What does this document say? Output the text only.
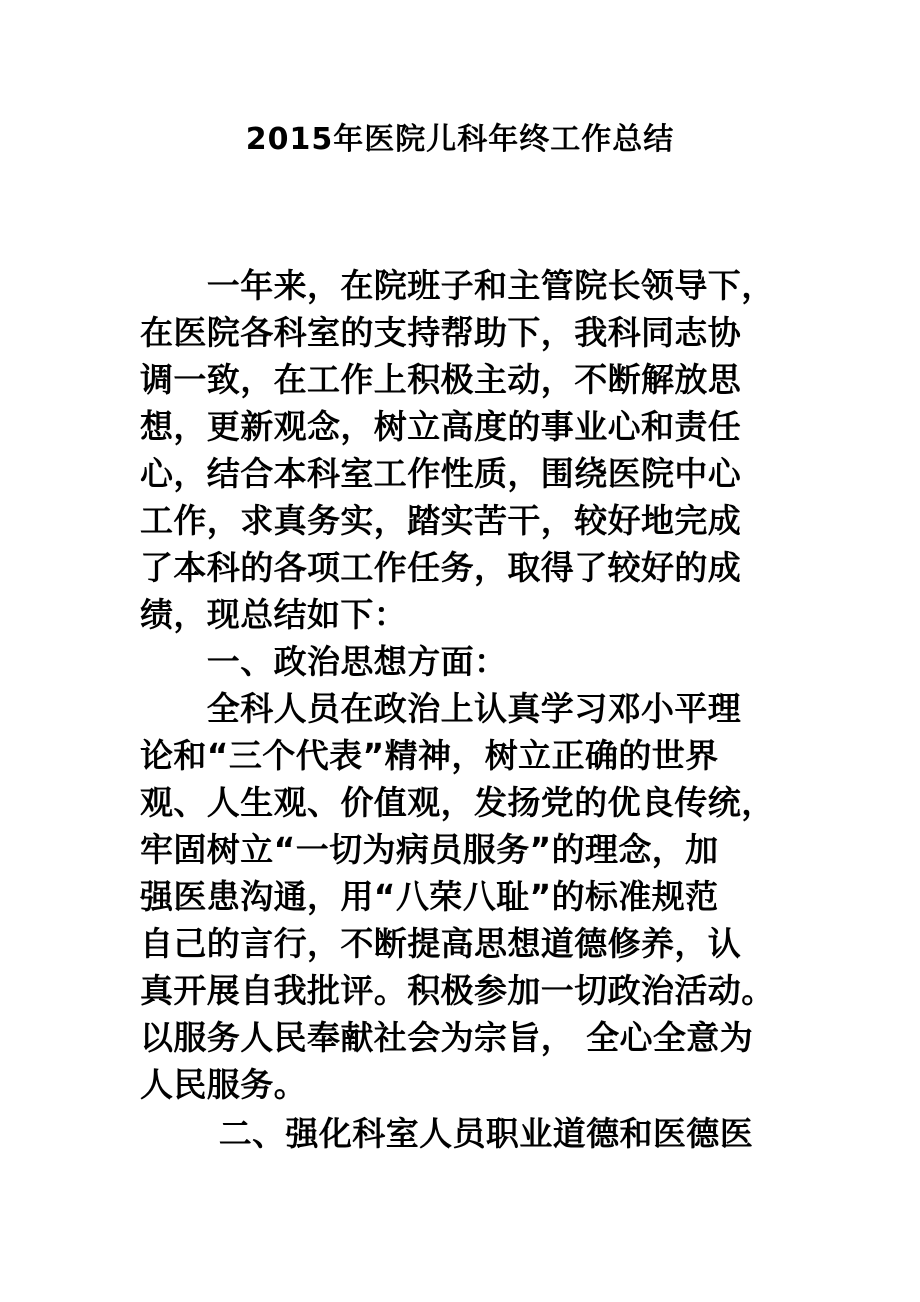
2015年医院儿科年终工作总结
　　一年来，在院班子和主管院长领导下，
在医院各科室的支持帮助下，我科同志协
调一致，在工作上积极主动，不断解放思
想，更新观念，树立高度的事业心和责任
心，结合本科室工作性质，围绕医院中心
工作，求真务实，踏实苦干，较好地完成
了本科的各项工作任务，取得了较好的成
绩，现总结如下：
　　一、政治思想方面：
　　全科人员在政治上认真学习邓小平理
论和“三个代表”精神，树立正确的世界
观、人生观、价值观，发扬党的优良传统，
牢固树立“一切为病员服务”的理念，加
强医患沟通，用“八荣八耻”的标准规范
自己的言行，不断提高思想道德修养，认
真开展自我批评。积极参加一切政治活动。
以服务人民奉献社会为宗旨， 全心全意为
人民服务。
　　 二、强化科室人员职业道德和医德医
